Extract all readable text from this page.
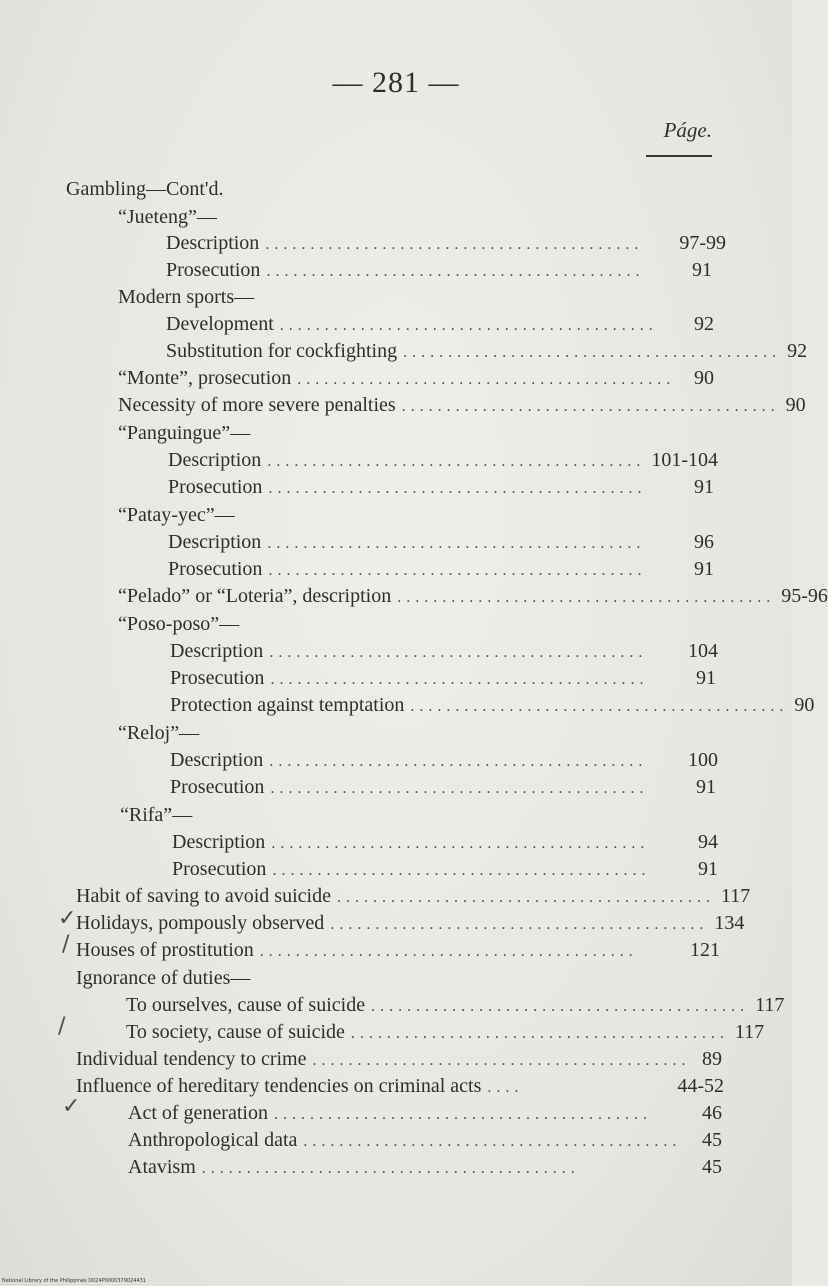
— 281 —
Páge.
Gambling—Cont'd.
“Jueteng”—
Description ..........................................	97-99
Prosecution ..........................................	91
Modern sports—
Development ..........................................	92
Substitution for cockfighting .......................................... 92
“Monte”, prosecution .......................................... 90
Necessity of more severe penalties .......................................... 90
“Panguingue”—
Description .......................................... 101-104
Prosecution ..........................................	91
“Patay-yec”—
Description ..........................................	96
Prosecution ..........................................	91
“Pelado” or “Loteria”, description .......................................... 95-96
“Poso-poso”—
Description ..........................................	104
Prosecution ..........................................	91
Protection against temptation .......................................... 90
“Reloj”—
Description ..........................................	100
Prosecution ..........................................	91
“Rifa”—
Description ..........................................	94
Prosecution ..........................................	91
Habit of saving to avoid suicide .......................................... 117
Holidays, pompously observed .......................................... 134
Houses of prostitution ..........................................	121
Ignorance of duties—
To ourselves, cause of suicide .......................................... 117
To society, cause of suicide .......................................... 117
Individual tendency to crime .......................................... 89
Influence of hereditary tendencies on criminal acts ....	44-52
Act of generation ..........................................	46
Anthropological data ..........................................	45
Atavism ..........................................	45
✓
/
/
✓
National Library of the Philippines D024P0000379024431
